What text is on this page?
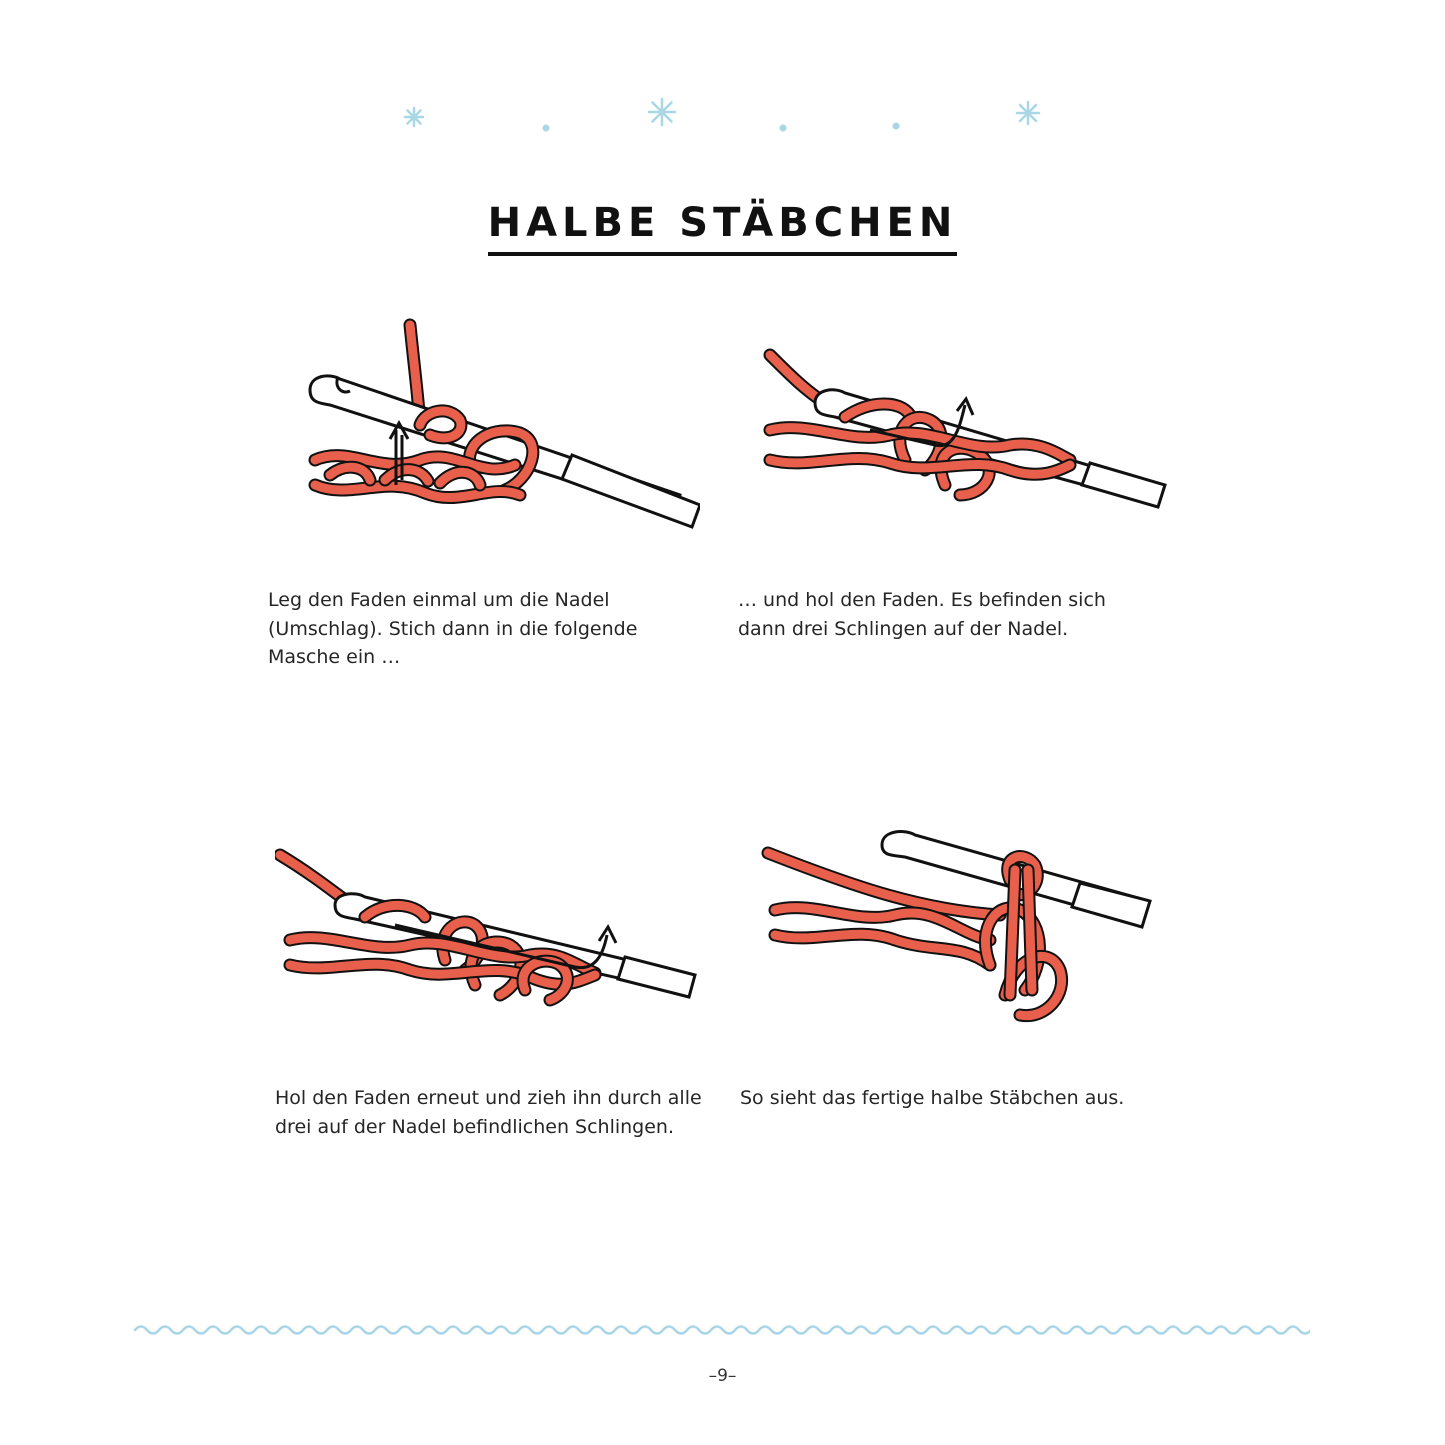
HALBE STÄBCHEN
Leg den Faden einmal um die Nadel
(Umschlag). Stich dann in die folgende
Masche ein …
… und hol den Faden. Es befinden sich
dann drei Schlingen auf der Nadel.
Hol den Faden erneut und zieh ihn durch alle
drei auf der Nadel befindlichen Schlingen.
So sieht das fertige halbe Stäbchen aus.
–9–
